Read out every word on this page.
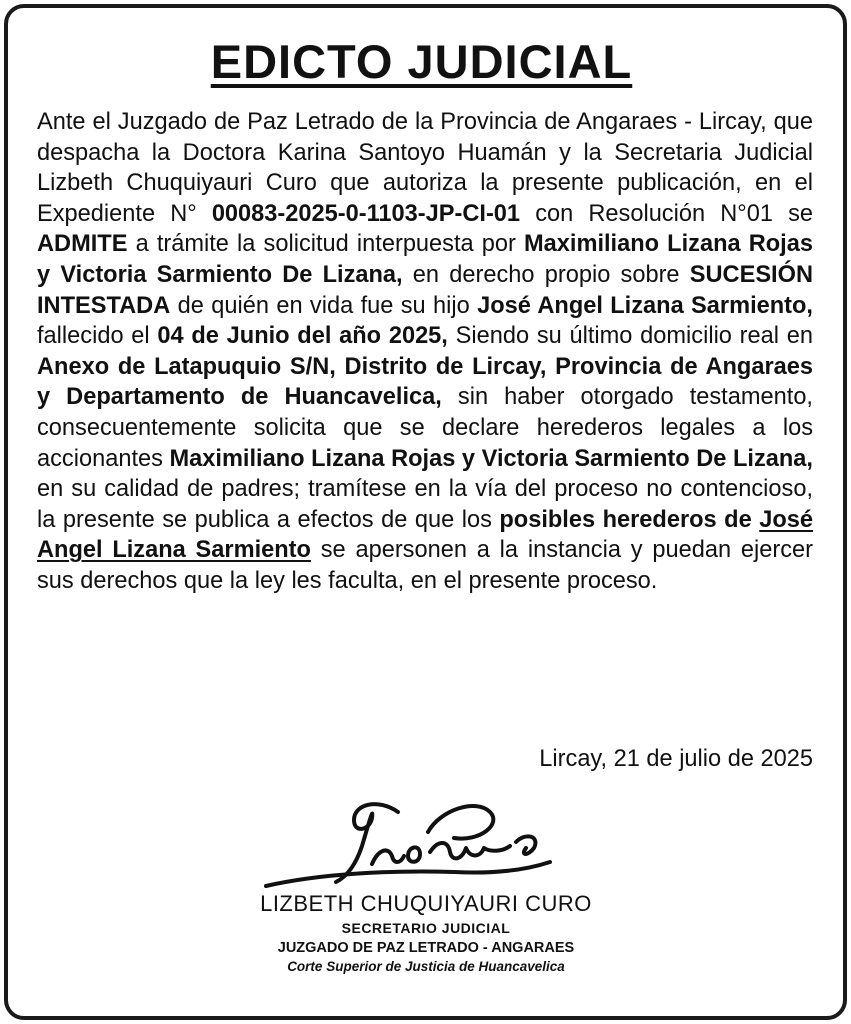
EDICTO JUDICIAL
Ante el Juzgado de Paz Letrado de la Provincia de Angaraes - Lircay, que despacha la Doctora Karina Santoyo Huamán y la Secretaria Judicial Lizbeth Chuquiyauri Curo que autoriza la presente publicación, en el Expediente N° 00083-2025-0-1103-JP-CI-01 con Resolución N°01 se ADMITE a trámite la solicitud interpuesta por Maximiliano Lizana Rojas y Victoria Sarmiento De Lizana, en derecho propio sobre SUCESIÓN INTESTADA de quién en vida fue su hijo José Angel Lizana Sarmiento, fallecido el 04 de Junio del año 2025, Siendo su último domicilio real en Anexo de Latapuquio S/N, Distrito de Lircay, Provincia de Angaraes y Departamento de Huancavelica, sin haber otorgado testamento, consecuentemente solicita que se declare herederos legales a los accionantes Maximiliano Lizana Rojas y Victoria Sarmiento De Lizana, en su calidad de padres; tramítese en la vía del proceso no contencioso, la presente se publica a efectos de que los posibles herederos de José Angel Lizana Sarmiento se apersonen a la instancia y puedan ejercer sus derechos que la ley les faculta, en el presente proceso.
Lircay, 21 de julio de 2025
LIZBETH CHUQUIYAURI CURO
SECRETARIO JUDICIAL
JUZGADO DE PAZ LETRADO - ANGARAES
Corte Superior de Justicia de Huancavelica
